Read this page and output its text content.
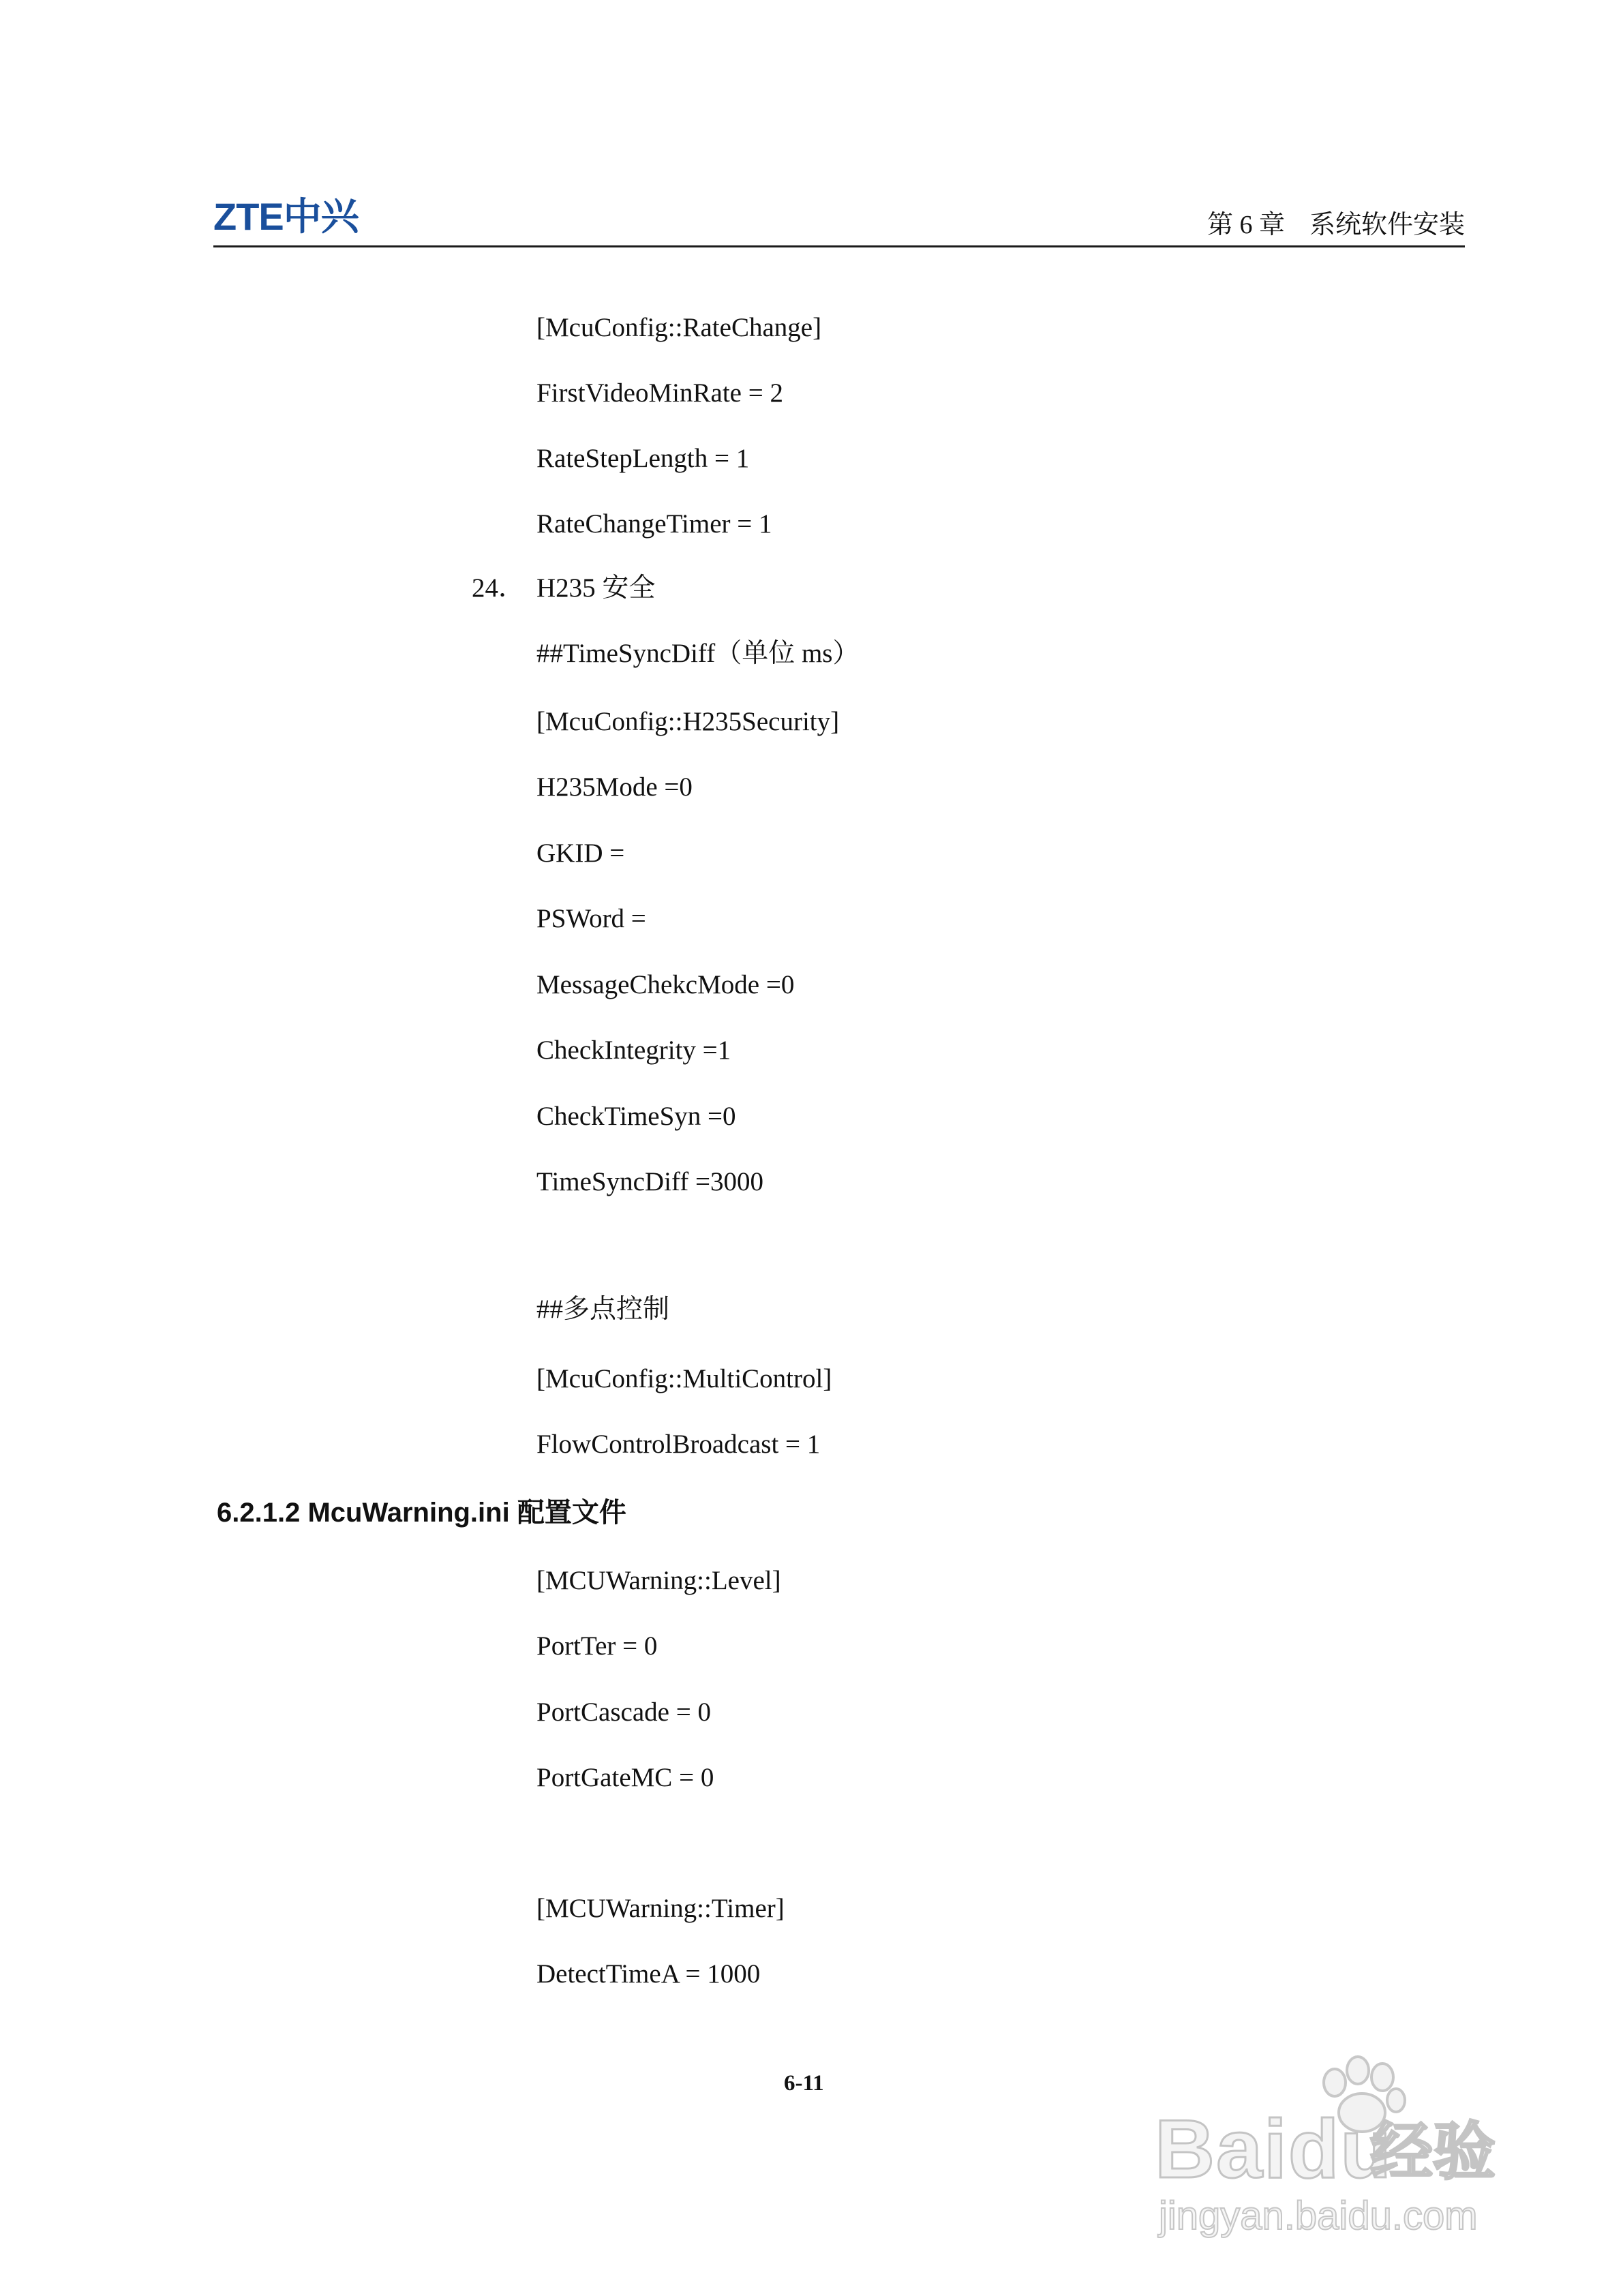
ZTE中兴	第 6 章 系统软件安装
[McuConfig::RateChange]
FirstVideoMinRate = 2
RateStepLength = 1
RateChangeTimer = 1
24． H235 安全
##TimeSyncDiff（单位 ms）
[McuConfig::H235Security]
H235Mode =0
GKID =
PSWord =
MessageChekcMode =0
CheckIntegrity =1
CheckTimeSyn =0
TimeSyncDiff =3000
##多点控制
[McuConfig::MultiControl]
FlowControlBroadcast = 1
6.2.1.2 McuWarning.ini 配置文件
[MCUWarning::Level]
PortTer = 0
PortCascade = 0
PortGateMC = 0
[MCUWarning::Timer]
DetectTimeA = 1000
6-11
Baidu
经验
jingyan.baidu.com
